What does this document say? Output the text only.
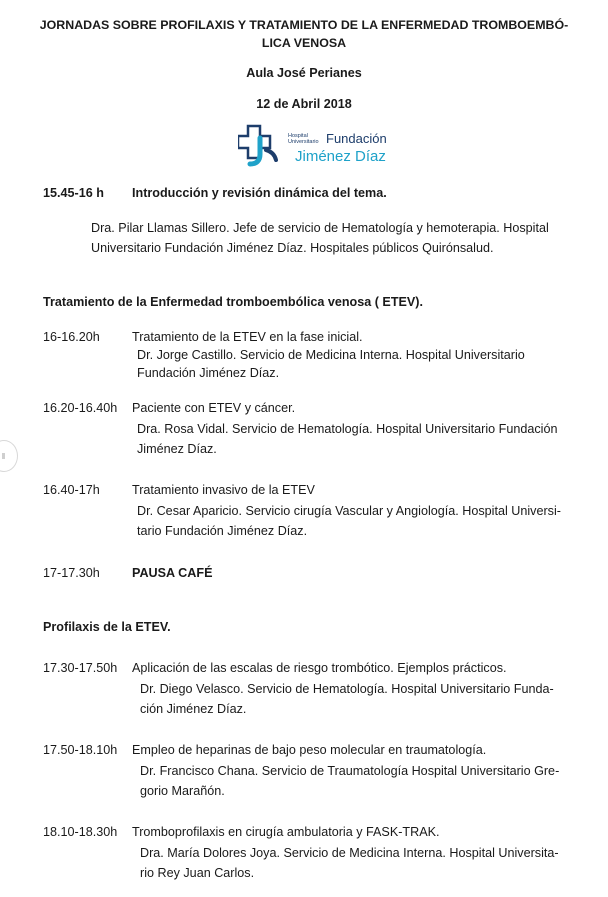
JORNADAS SOBRE PROFILAXIS Y TRATAMIENTO DE LA ENFERMEDAD TROMBOEMBÓ-
LICA VENOSA
Aula José Perianes
12 de Abril 2018
Hospital
Universitario Fundación
Jiménez Díaz
15.45-16 h Introducción y revisión dinámica del tema.
Dra. Pilar Llamas Sillero. Jefe de servicio de Hematología y hemoterapia. Hospital
Universitario Fundación Jiménez Díaz. Hospitales públicos Quirónsalud.
Tratamiento de la Enfermedad tromboembólica venosa ( ETEV).
16-16.20h	Tratamiento de la ETEV en la fase inicial.
Dr. Jorge Castillo. Servicio de Medicina Interna. Hospital Universitario
Fundación Jiménez Díaz.
16.20-16.40h Paciente con ETEV y cáncer.
Dra. Rosa Vidal. Servicio de Hematología. Hospital Universitario Fundación
Jiménez Díaz.
16.40-17h	Tratamiento invasivo de la ETEV
Dr. Cesar Aparicio. Servicio cirugía Vascular y Angiología. Hospital Universi-
tario Fundación Jiménez Díaz.
17-17.30h	PAUSA CAFÉ
Profilaxis de la ETEV.
17.30-17.50h Aplicación de las escalas de riesgo trombótico. Ejemplos prácticos.
Dr. Diego Velasco. Servicio de Hematología. Hospital Universitario Funda-
ción Jiménez Díaz.
17.50-18.10h Empleo de heparinas de bajo peso molecular en traumatología.
Dr. Francisco Chana. Servicio de Traumatología Hospital Universitario Gre-
gorio Marañón.
18.10-18.30h Tromboprofilaxis en cirugía ambulatoria y FASK-TRAK.
Dra. María Dolores Joya. Servicio de Medicina Interna. Hospital Universita-
rio Rey Juan Carlos.
